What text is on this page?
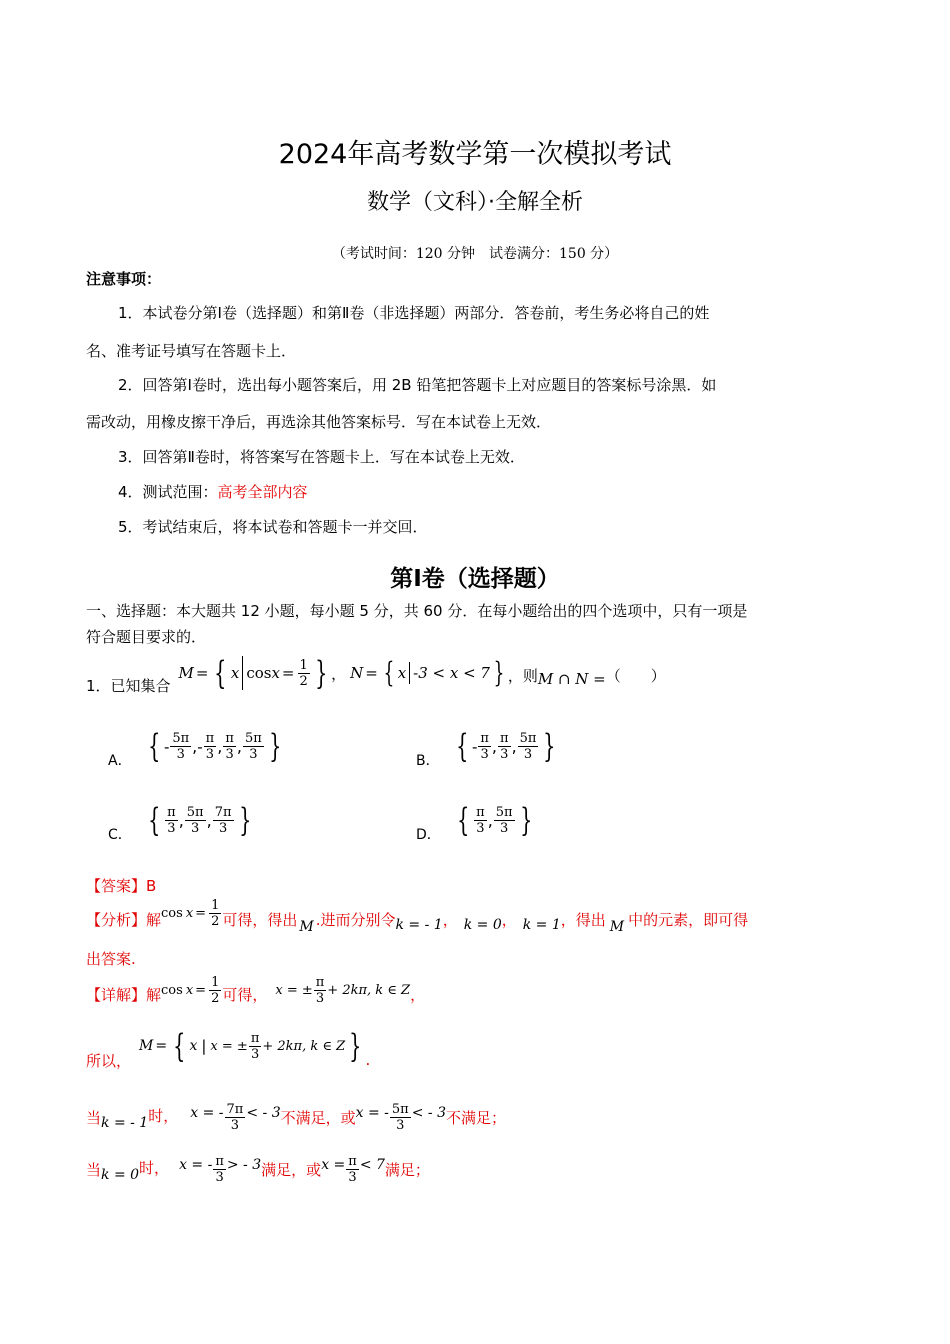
2024年高考数学第一次模拟考试
数学（文科）·全解全析
（考试时间：120 分钟　试卷满分：150 分）
注意事项：
1．本试卷分第Ⅰ卷（选择题）和第Ⅱ卷（非选择题）两部分．答卷前，考生务必将自己的姓
名、准考证号填写在答题卡上．
2．回答第Ⅰ卷时，选出每小题答案后，用 2B 铅笔把答题卡上对应题目的答案标号涂黑．如
需改动，用橡皮擦干净后，再选涂其他答案标号．写在本试卷上无效．
3．回答第Ⅱ卷时，将答案写在答题卡上．写在本试卷上无效．
4．测试范围：高考全部内容
5．考试结束后，将本试卷和答题卡一并交回．
第Ⅰ卷（选择题）
一、选择题：本大题共 12 小题，每小题 5 分，共 60 分．在每小题给出的四个选项中，只有一项是
符合题目要求的．
1．已知集合
M = { x $\cos x = \frac{1}{2}$ } ， N = { x -3 < x < 7 } ，则 M ∩ N = （　　）
A． { - $\frac{5\pi}{3}$ , - $\frac{\pi}{3}$ , $\frac{\pi}{3}$ , $\frac{5\pi}{3}$ }	B． { - $\frac{\pi}{3}$ , $\frac{\pi}{3}$ , $\frac{5\pi}{3}$ }
C． { $\frac{\pi}{3}$ , $\frac{5\pi}{3}$ , $\frac{7\pi}{3}$ }	D． { $\frac{\pi}{3}$ , $\frac{5\pi}{3}$ }
【答案】B
【分析】 解 $\cos x = \frac{1}{2}$ 可得，得出 M .进而分别令 k = - 1 ， k = 0 ， k = 1 ，得出 M 中的元素，即可得
出答案.
【详解】 解 $\cos x = \frac{1}{2}$ 可得， x = ± $\frac{\pi}{3} + 2k\pi$, k ∈ Z ，
所以，
M = { x | x = ± $\frac{\pi}{3} + 2k\pi$, k ∈ Z } .
当 k = - 1 时， x = - $\frac{7\pi}{3}$ < - 3 不满足 ，或 x = - $\frac{5\pi}{3}$ < - 3 不满足；
当 k = 0 时， x = - $\frac{\pi}{3}$ > - 3 满足 ，或 $x = \frac{\pi}{3} < 7$ 满足；
